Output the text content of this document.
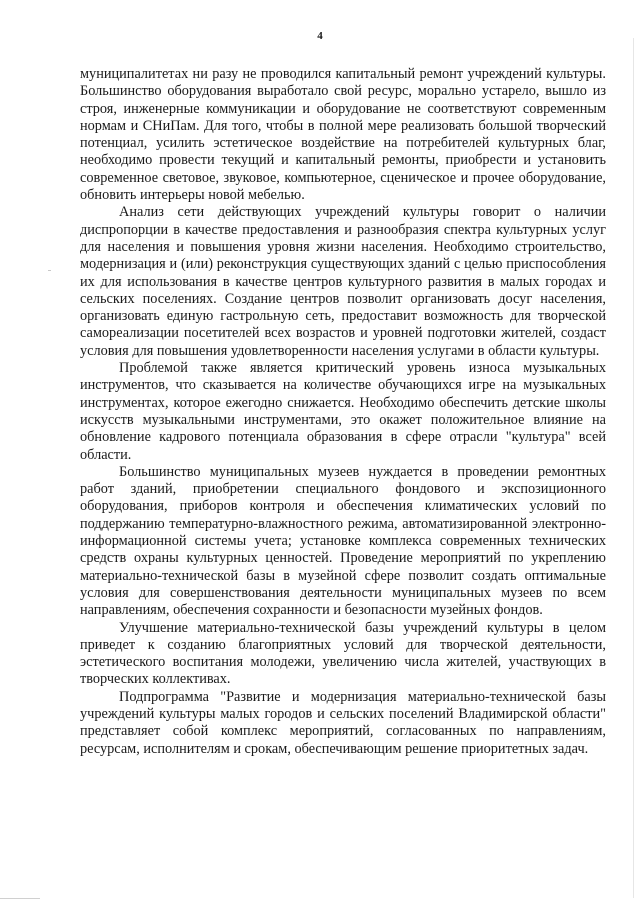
4

муниципалитетах ни разу не проводился капитальный ремонт учреждений культуры. Большинство оборудования выработало свой ресурс, морально устарело, вышло из строя, инженерные коммуникации и оборудование не соответствуют современным нормам и СНиПам. Для того, чтобы в полной мере реализовать большой творческий потенциал, усилить эстетическое воздействие на потребителей культурных благ, необходимо провести текущий и капитальный ремонты, приобрести и установить современное световое, звуковое, компьютерное, сценическое и прочее оборудование, обновить интерьеры новой мебелью.

Анализ сети действующих учреждений культуры говорит о наличии диспропорции в качестве предоставления и разнообразия спектра культурных услуг для населения и повышения уровня жизни населения. Необходимо строительство, модернизация и (или) реконструкция существующих зданий с целью приспособления их для использования в качестве центров культурного развития в малых городах и сельских поселениях. Создание центров позволит организовать досуг населения, организовать единую гастрольную сеть, предоставит возможность для творческой самореализации посетителей всех возрастов и уровней подготовки жителей, создаст условия для повышения удовлетворенности населения услугами в области культуры.

Проблемой также является критический уровень износа музыкальных инструментов, что сказывается на количестве обучающихся игре на музыкальных инструментах, которое ежегодно снижается. Необходимо обеспечить детские школы искусств музыкальными инструментами, это окажет положительное влияние на обновление кадрового потенциала образования в сфере отрасли "культура" всей области.

Большинство муниципальных музеев нуждается в проведении ремонтных работ зданий, приобретении специального фондового и экспозиционного оборудования, приборов контроля и обеспечения климатических условий по поддержанию температурно-влажностного режима, автоматизированной электронно-информационной системы учета; установке комплекса современных технических средств охраны культурных ценностей. Проведение мероприятий по укреплению материально-технической базы в музейной сфере позволит создать оптимальные условия для совершенствования деятельности муниципальных музеев по всем направлениям, обеспечения сохранности и безопасности музейных фондов.

Улучшение материально-технической базы учреждений культуры в целом приведет к созданию благоприятных условий для творческой деятельности, эстетического воспитания молодежи, увеличению числа жителей, участвующих в творческих коллективах.

Подпрограмма "Развитие и модернизация материально-технической базы учреждений культуры малых городов и сельских поселений Владимирской области" представляет собой комплекс мероприятий, согласованных по направлениям, ресурсам, исполнителям и срокам, обеспечивающим решение приоритетных задач.
